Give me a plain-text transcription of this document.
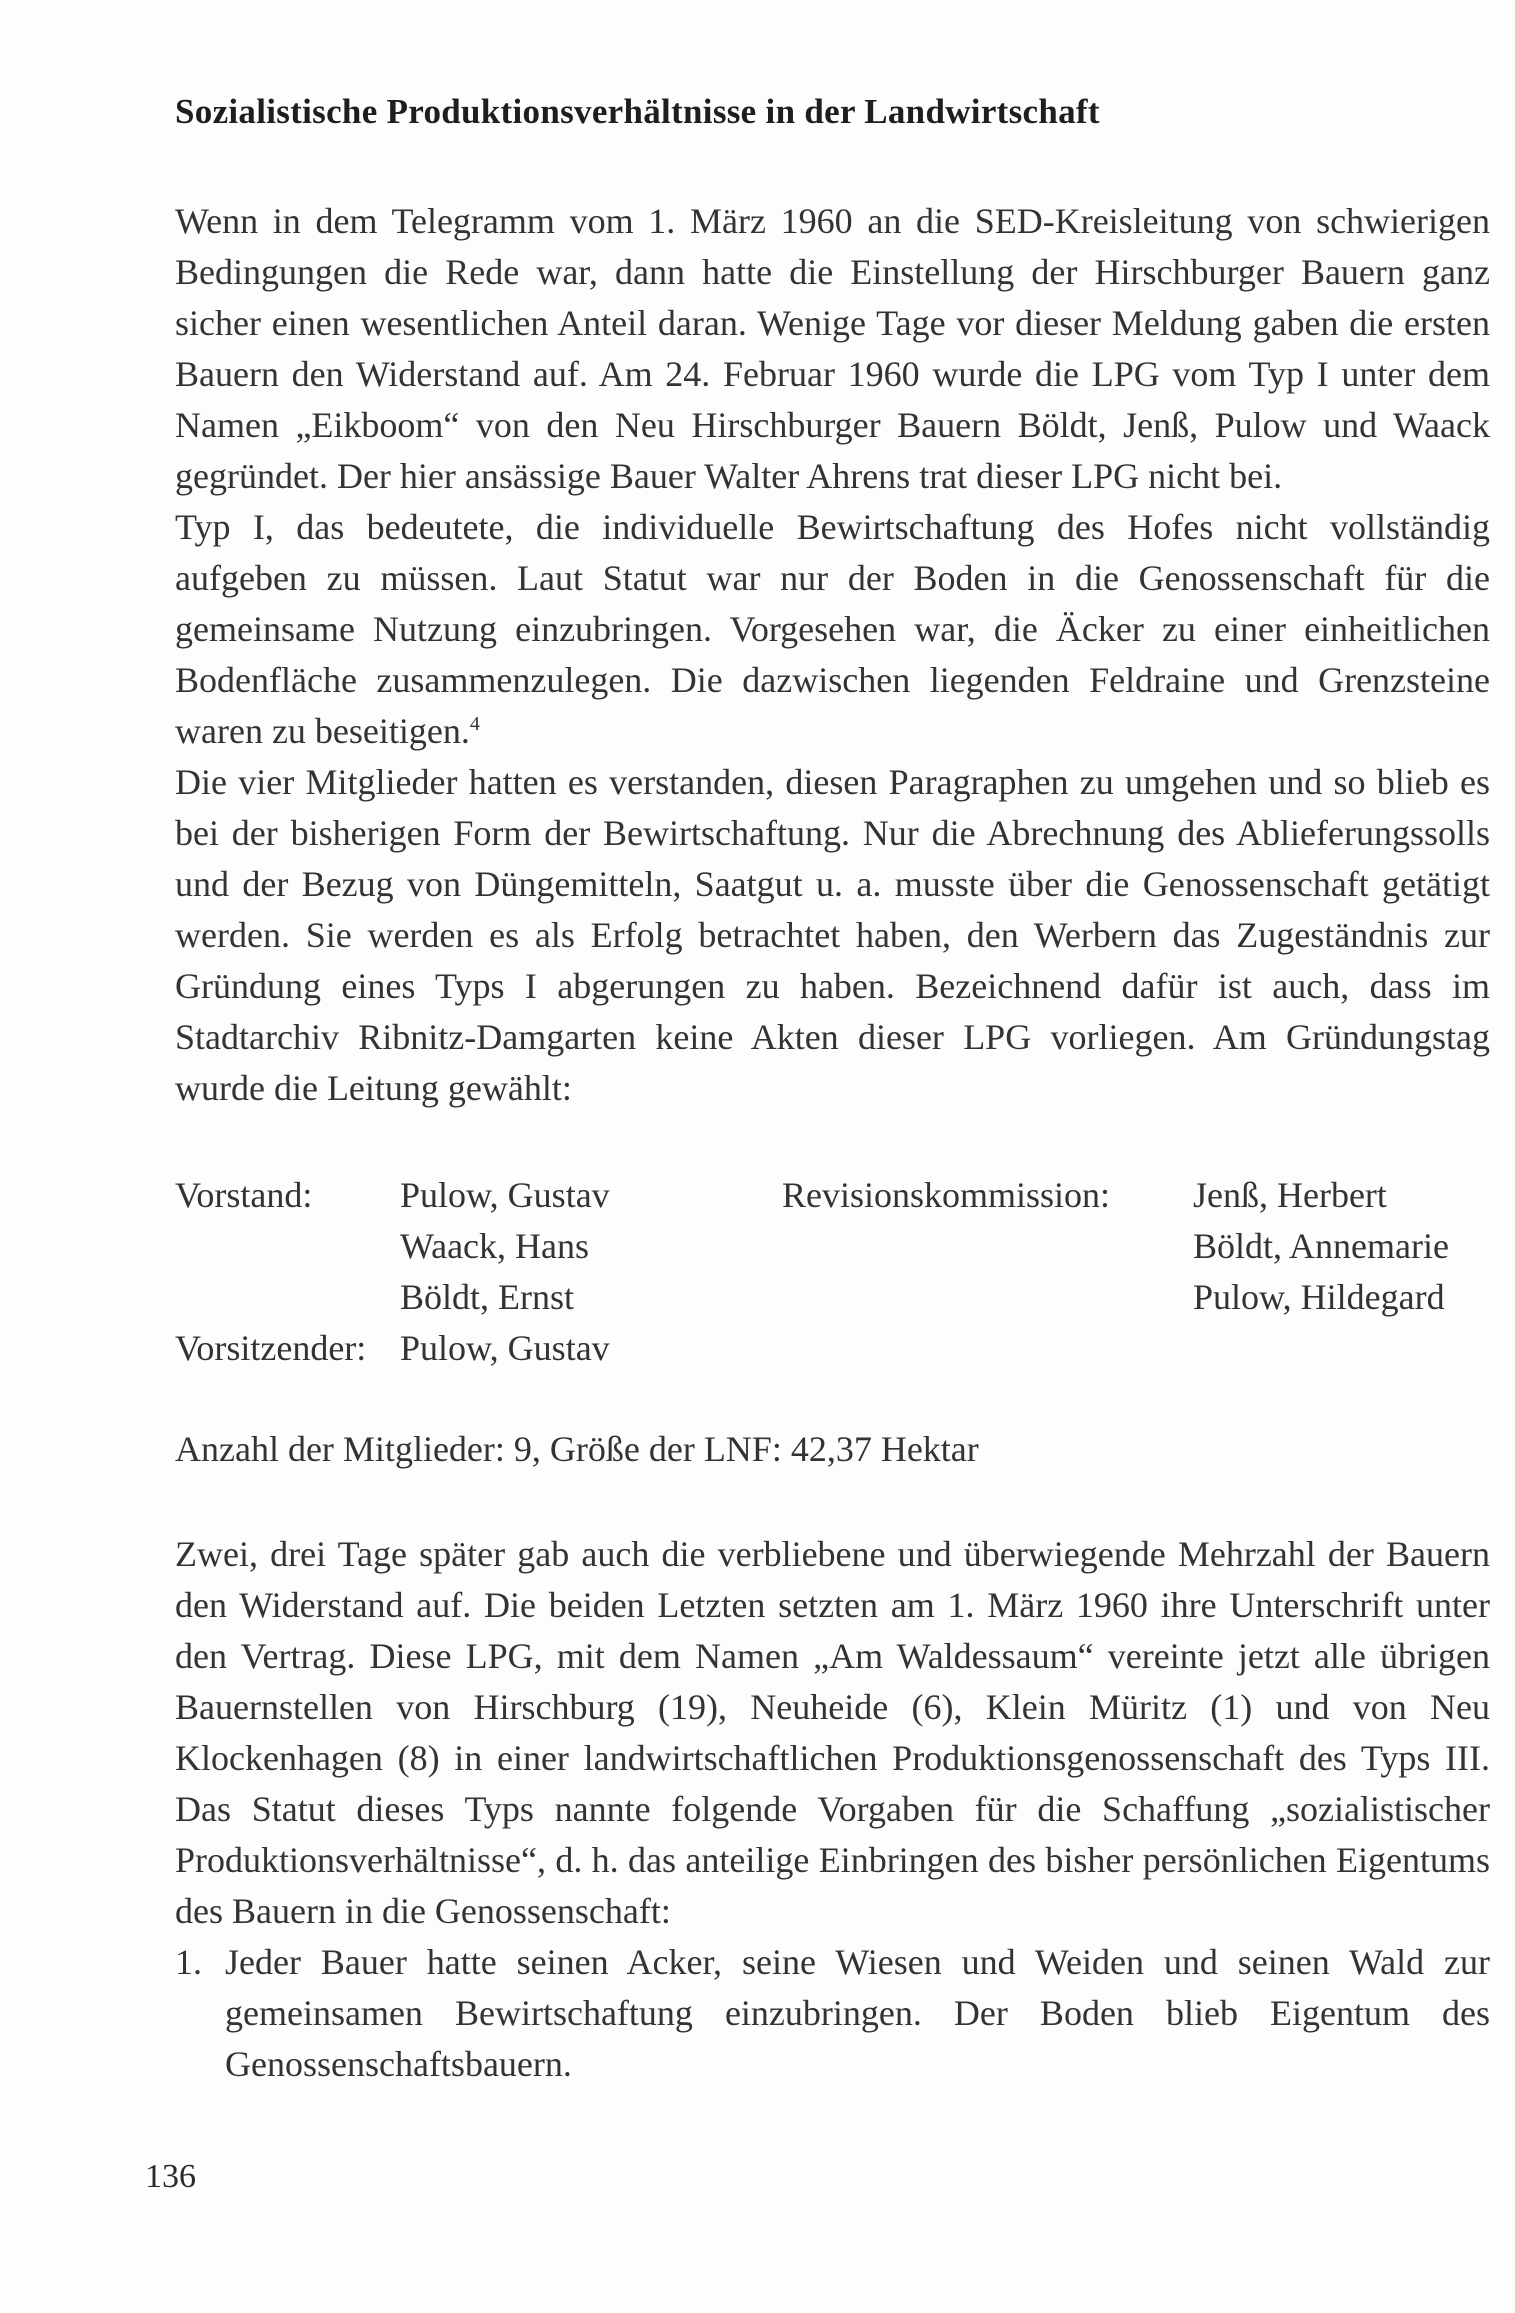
Sozialistische Produktionsverhältnisse in der Landwirtschaft

Wenn in dem Telegramm vom 1. März 1960 an die SED-Kreisleitung von schwierigen Bedingungen die Rede war, dann hatte die Einstellung der Hirschburger Bauern ganz sicher einen wesentlichen Anteil daran. Wenige Tage vor dieser Meldung gaben die ersten Bauern den Widerstand auf. Am 24. Februar 1960 wurde die LPG vom Typ I unter dem Namen „Eikboom“ von den Neu Hirschburger Bauern Böldt, Jenß, Pulow und Waack gegründet. Der hier ansässige Bauer Walter Ahrens trat dieser LPG nicht bei.

Typ I, das bedeutete, die individuelle Bewirtschaftung des Hofes nicht vollständig aufgeben zu müssen. Laut Statut war nur der Boden in die Genossenschaft für die gemeinsame Nutzung einzubringen. Vorgesehen war, die Äcker zu einer einheitlichen Bodenfläche zusammenzulegen. Die dazwischen liegenden Feldraine und Grenzsteine waren zu beseitigen.$^4$

Die vier Mitglieder hatten es verstanden, diesen Paragraphen zu umgehen und so blieb es bei der bisherigen Form der Bewirtschaftung. Nur die Abrechnung des Ablieferungssolls und der Bezug von Düngemitteln, Saatgut u. a. musste über die Genossenschaft getätigt werden. Sie werden es als Erfolg betrachtet haben, den Werbern das Zugeständnis zur Gründung eines Typs I abgerungen zu haben. Bezeichnend dafür ist auch, dass im Stadtarchiv Ribnitz-Damgarten keine Akten dieser LPG vorliegen. Am Gründungstag wurde die Leitung gewählt:

Vorstand: Pulow, Gustav
Waack, Hans
Böldt, Ernst
Pulow, Gustav
Vorsitzender:
Revisionskommission: Jenß, Herbert
Böldt, Annemarie
Pulow, Hildegard
Anzahl der Mitglieder: 9, Größe der LNF: 42,37 Hektar

Zwei, drei Tage später gab auch die verbliebene und überwiegende Mehrzahl der Bauern den Widerstand auf. Die beiden Letzten setzten am 1. März 1960 ihre Unterschrift unter den Vertrag. Diese LPG, mit dem Namen „Am Waldessaum“ vereinte jetzt alle übrigen Bauernstellen von Hirschburg (19), Neuheide (6), Klein Müritz (1) und von Neu Klockenhagen (8) in einer landwirtschaftlichen Produktionsgenossenschaft des Typs III. Das Statut dieses Typs nannte folgende Vorgaben für die Schaffung „sozialistischer Produktionsverhältnisse“, d. h. das anteilige Einbringen des bisher persönlichen Eigentums des Bauern in die Genossenschaft:

1. Jeder Bauer hatte seinen Acker, seine Wiesen und Weiden und seinen Wald zur gemeinsamen Bewirtschaftung einzubringen. Der Boden blieb Eigentum des Genossenschaftsbauern.
136
